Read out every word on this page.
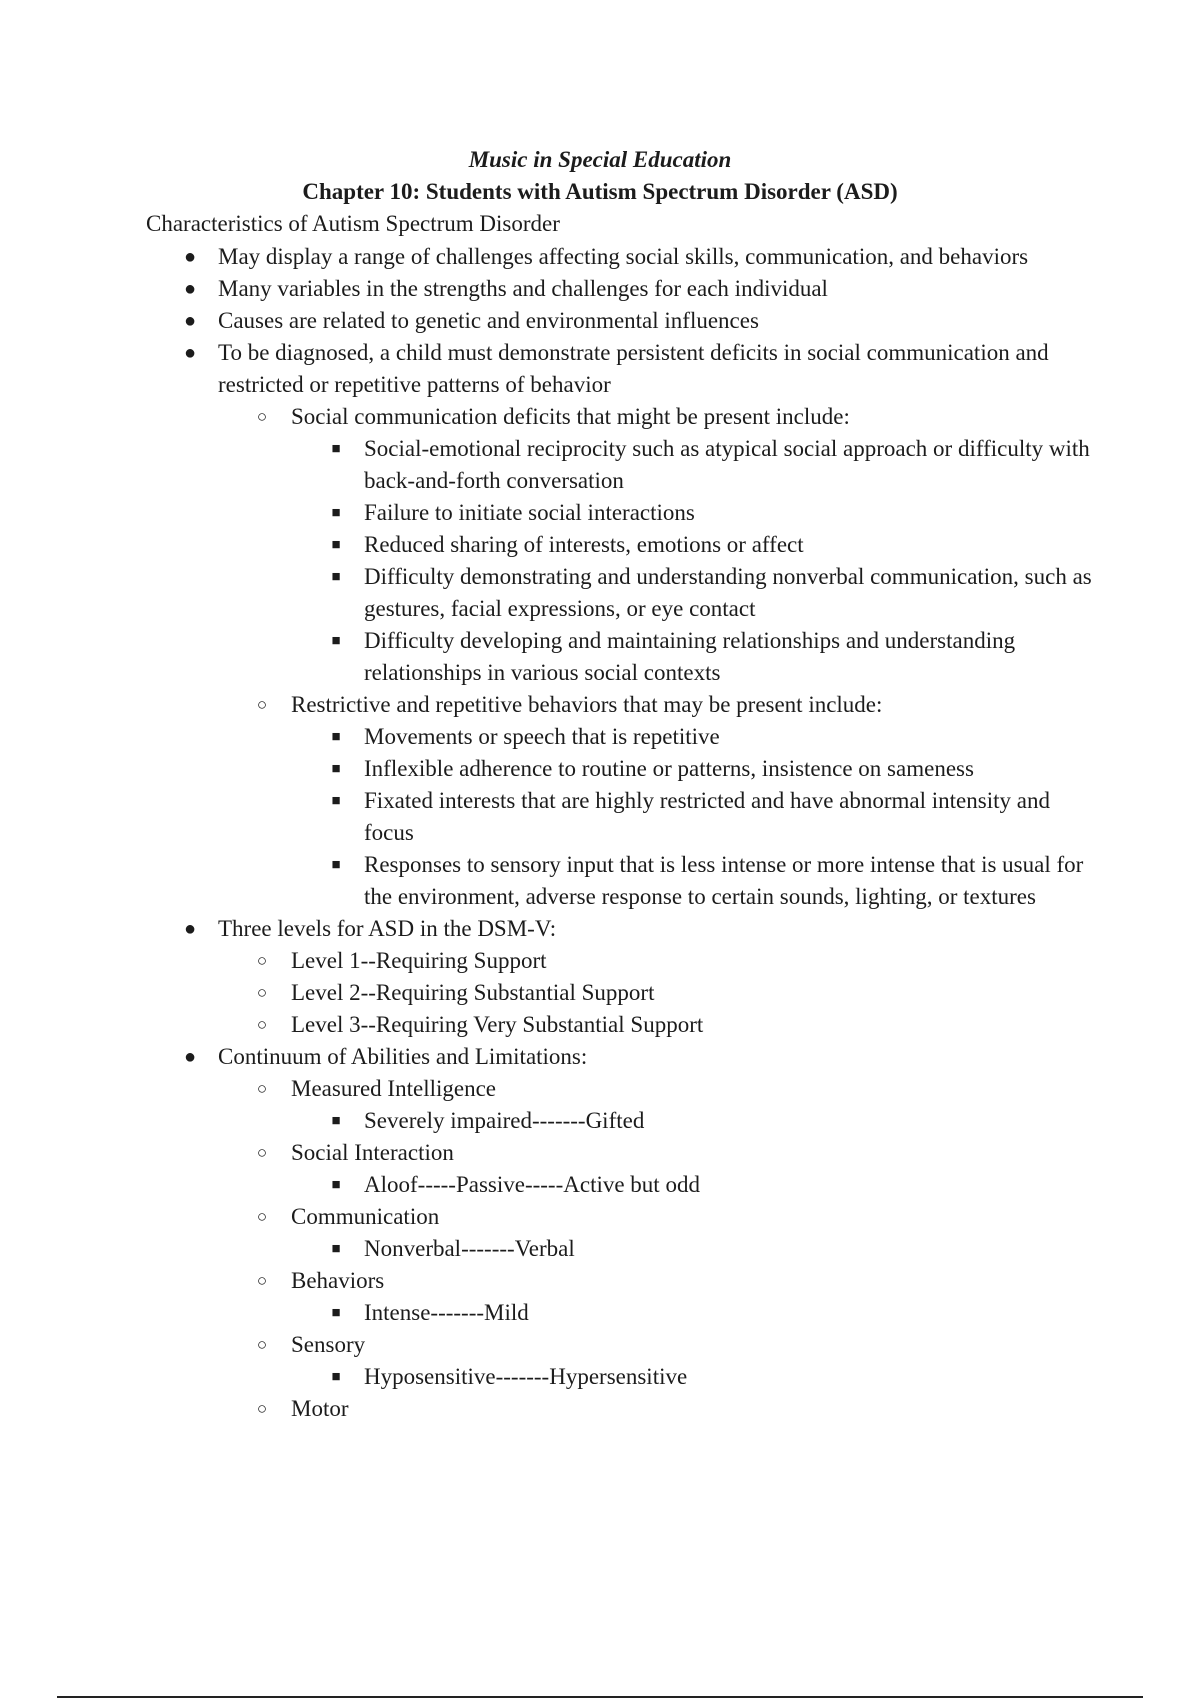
Music in Special Education
Chapter 10: Students with Autism Spectrum Disorder (ASD)
Characteristics of Autism Spectrum Disorder
● May display a range of challenges affecting social skills, communication, and behaviors
● Many variables in the strengths and challenges for each individual
● Causes are related to genetic and environmental influences
● To be diagnosed, a child must demonstrate persistent deficits in social communication and restricted or repetitive patterns of behavior
○ Social communication deficits that might be present include:
■ Social-emotional reciprocity such as atypical social approach or difficulty with back-and-forth conversation
■ Failure to initiate social interactions
■ Reduced sharing of interests, emotions or affect
■ Difficulty demonstrating and understanding nonverbal communication, such as gestures, facial expressions, or eye contact
■ Difficulty developing and maintaining relationships and understanding relationships in various social contexts
○ Restrictive and repetitive behaviors that may be present include:
■ Movements or speech that is repetitive
■ Inflexible adherence to routine or patterns, insistence on sameness
■ Fixated interests that are highly restricted and have abnormal intensity and focus
■ Responses to sensory input that is less intense or more intense that is usual for the environment, adverse response to certain sounds, lighting, or textures
● Three levels for ASD in the DSM-V:
○ Level 1--Requiring Support
○ Level 2--Requiring Substantial Support
○ Level 3--Requiring Very Substantial Support
● Continuum of Abilities and Limitations:
○ Measured Intelligence
■ Severely impaired-------Gifted
○ Social Interaction
■ Aloof-----Passive-----Active but odd
○ Communication
■ Nonverbal-------Verbal
○ Behaviors
■ Intense-------Mild
○ Sensory
■ Hyposensitive-------Hypersensitive
○ Motor
